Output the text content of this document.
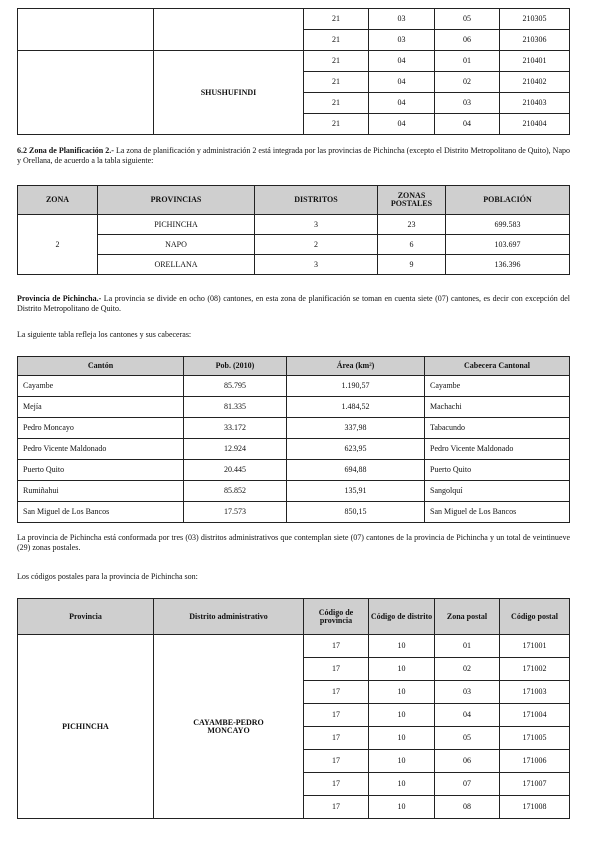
		21	03	05	210305
		21	03	06	210306
	SHUSHUFINDI	21	04	01	210401
		21	04	02	210402
		21	04	03	210403
		21	04	04	210404

6.2 Zona de Planificación 2.- La zona de planificación y administración 2 está integrada por las provincias de Pichincha (excepto el Distrito Metropolitano de Quito), Napo y Orellana, de acuerdo a la tabla siguiente:

ZONA	PROVINCIAS	DISTRITOS	ZONAS POSTALES	POBLACIÓN
2	PICHINCHA	3	23	699.583
	NAPO	2	6	103.697
	ORELLANA	3	9	136.396

Provincia de Pichincha.- La provincia se divide en ocho (08) cantones, en esta zona de planificación se toman en cuenta siete (07) cantones, es decir con excepción del Distrito Metropolitano de Quito.

La siguiente tabla refleja los cantones y sus cabeceras:

Cantón	Pob. (2010)	Área (km²)	Cabecera Cantonal
Cayambe	85.795	1.190,57	Cayambe
Mejía	81.335	1.484,52	Machachi
Pedro Moncayo	33.172	337,98	Tabacundo
Pedro Vicente Maldonado	12.924	623,95	Pedro Vicente Maldonado
Puerto Quito	20.445	694,88	Puerto Quito
Rumiñahui	85.852	135,91	Sangolquí
San Miguel de Los Bancos	17.573	850,15	San Miguel de Los Bancos

La provincia de Pichincha está conformada por tres (03) distritos administrativos que contemplan siete (07) cantones de la provincia de Pichincha y un total de veintinueve (29) zonas postales.

Los códigos postales para la provincia de Pichincha son:

Provincia	Distrito administrativo	Código de provincia	Código de distrito	Zona postal	Código postal
PICHINCHA	CAYAMBE-PEDRO MONCAYO	17	10	01	171001
		17	10	02	171002
		17	10	03	171003
		17	10	04	171004
		17	10	05	171005
		17	10	06	171006
		17	10	07	171007
		17	10	08	171008
